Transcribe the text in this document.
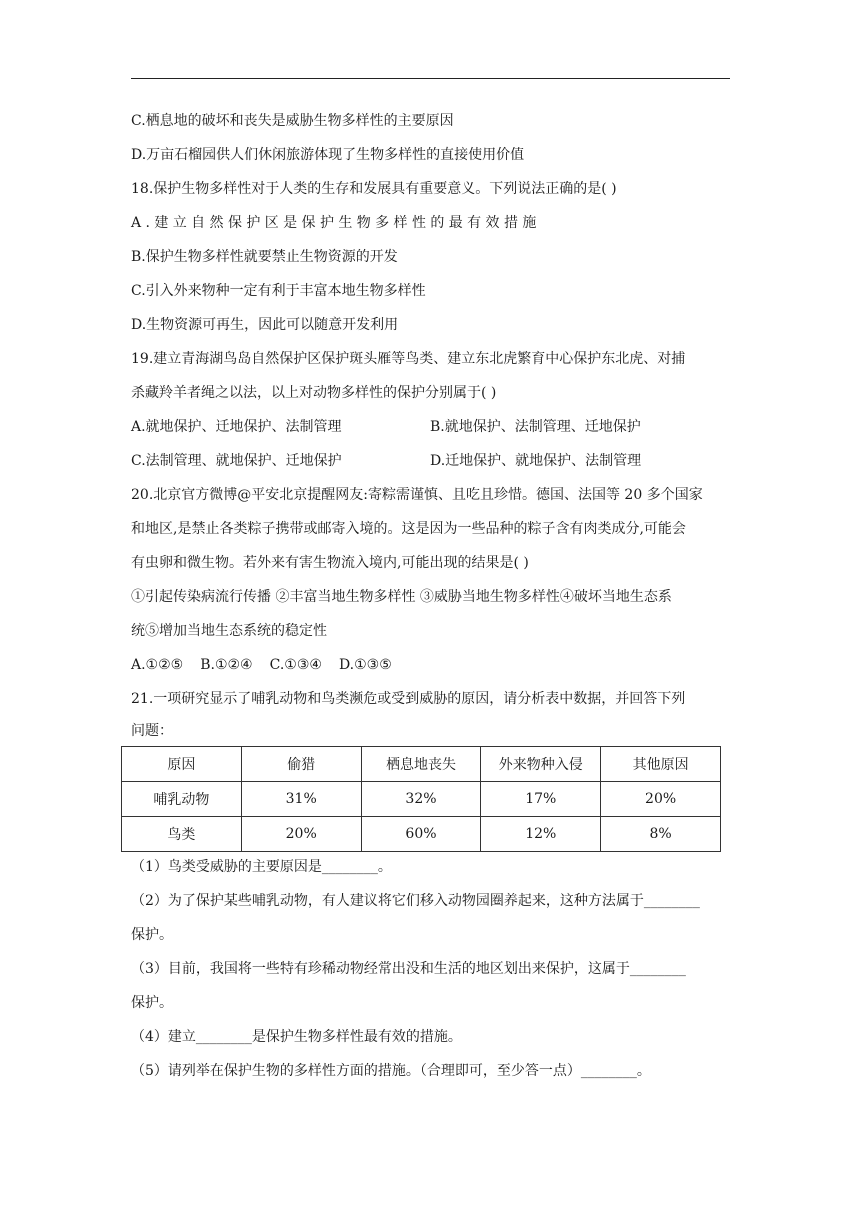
C.栖息地的破坏和丧失是威胁生物多样性的主要原因
D.万亩石榴园供人们休闲旅游体现了生物多样性的直接使用价值
18.保护生物多样性对于人类的生存和发展具有重要意义。下列说法正确的是( )
A.建立自然保护区是保护生物多样性的最有效措施
B.保护生物多样性就要禁止生物资源的开发
C.引入外来物种一定有利于丰富本地生物多样性
D.生物资源可再生，因此可以随意开发利用
19.建立青海湖鸟岛自然保护区保护斑头雁等鸟类、建立东北虎繁育中心保护东北虎、对捕
杀藏羚羊者绳之以法，以上对动物多样性的保护分别属于( )
A.就地保护、迁地保护、法制管理	B.就地保护、法制管理、迁地保护
C.法制管理、就地保护、迁地保护	D.迁地保护、就地保护、法制管理
20.北京官方微博@平安北京提醒网友:寄粽需谨慎、且吃且珍惜。德国、法国等 20 多个国家
和地区,是禁止各类粽子携带或邮寄入境的。这是因为一些品种的粽子含有肉类成分,可能会
有虫卵和微生物。若外来有害生物流入境内,可能出现的结果是( )
①引起传染病流行传播 ②丰富当地生物多样性 ③威胁当地生物多样性④破坏当地生态系
统⑤增加当地生态系统的稳定性
A.①②⑤ B.①②④ C.①③④ D.①③⑤
21.一项研究显示了哺乳动物和鸟类濒危或受到威胁的原因，请分析表中数据，并回答下列
问题：
原因	偷猎	栖息地丧失	外来物种入侵	其他原因
哺乳动物	31%	32%	17%	20%
鸟类	20%	60%	12%	8%
（1）鸟类受威胁的主要原因是________。
（2）为了保护某些哺乳动物，有人建议将它们移入动物园圈养起来，这种方法属于________
保护。
（3）目前，我国将一些特有珍稀动物经常出没和生活的地区划出来保护，这属于________
保护。
（4）建立________是保护生物多样性最有效的措施。
（5）请列举在保护生物的多样性方面的措施。（合理即可，至少答一点）________。
